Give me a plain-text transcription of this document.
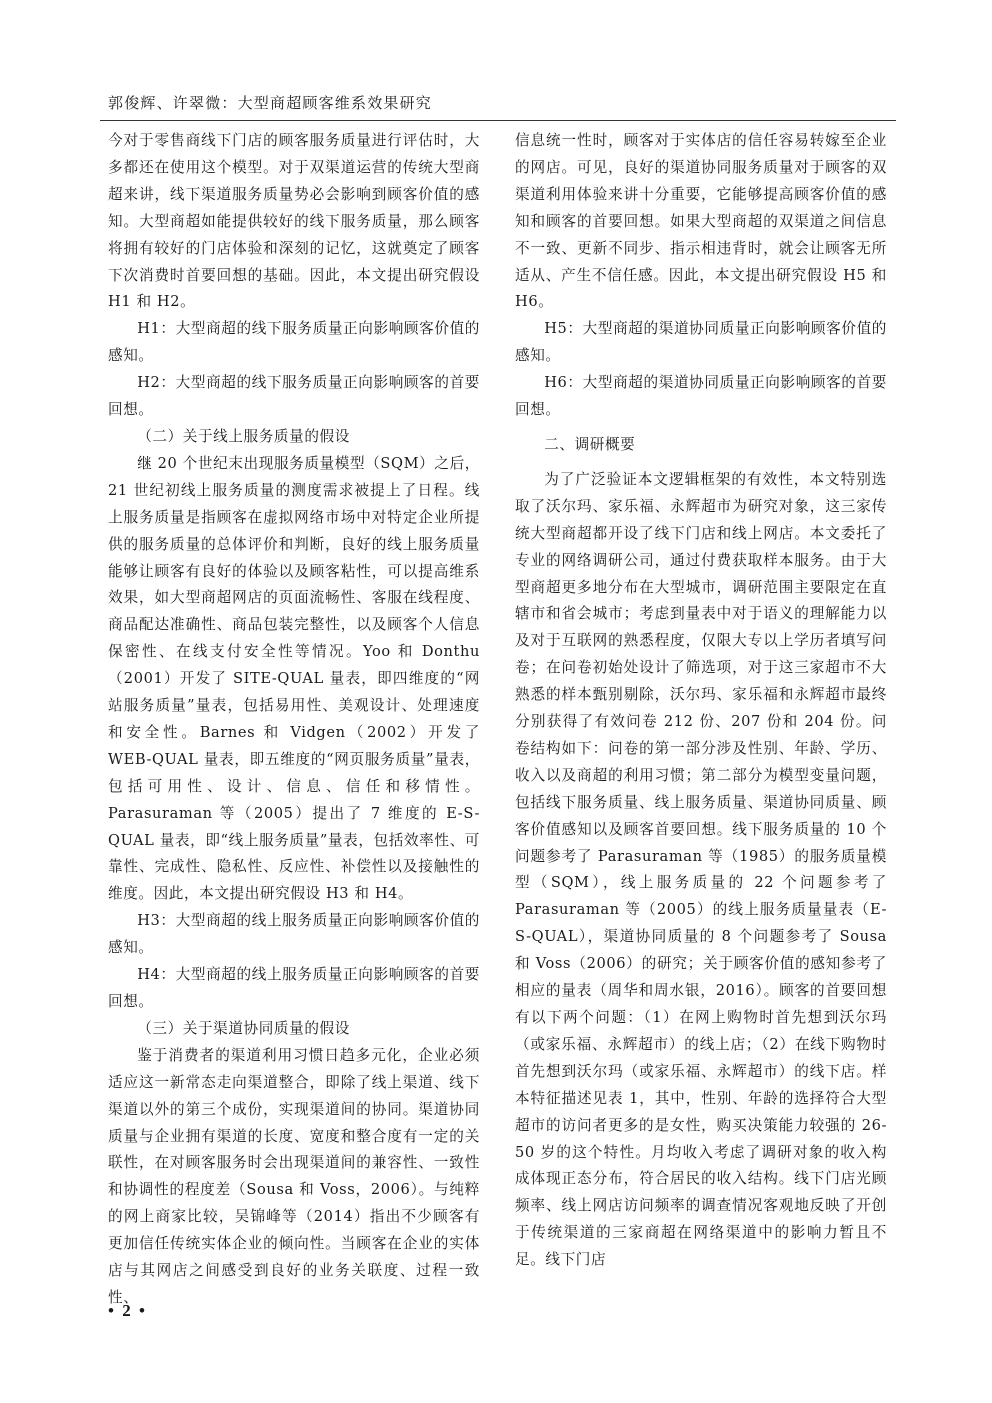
郭俊辉、许翠微：大型商超顾客维系效果研究

今对于零售商线下门店的顾客服务质量进行评估时，大多都还在使用这个模型。对于双渠道运营的传统大型商超来讲，线下渠道服务质量势必会影响到顾客价值的感知。大型商超如能提供较好的线下服务质量，那么顾客将拥有较好的门店体验和深刻的记忆，这就奠定了顾客下次消费时首要回想的基础。因此，本文提出研究假设 H1 和 H2。

H1：大型商超的线下服务质量正向影响顾客价值的感知。

H2：大型商超的线下服务质量正向影响顾客的首要回想。

（二）关于线上服务质量的假设

继 20 个世纪末出现服务质量模型（SQM）之后，21 世纪初线上服务质量的测度需求被提上了日程。线上服务质量是指顾客在虚拟网络市场中对特定企业所提供的服务质量的总体评价和判断，良好的线上服务质量能够让顾客有良好的体验以及顾客粘性，可以提高维系效果，如大型商超网店的页面流畅性、客服在线程度、商品配达准确性、商品包装完整性，以及顾客个人信息保密性、在线支付安全性等情况。Yoo 和 Donthu（2001）开发了 SITE-QUAL 量表，即四维度的“网站服务质量”量表，包括易用性、美观设计、处理速度和安全性。Barnes 和 Vidgen（2002）开发了 WEB-QUAL 量表，即五维度的“网页服务质量”量表，包括可用性、设计、信息、信任和移情性。Parasuraman 等（2005）提出了 7 维度的 E-S-QUAL 量表，即“线上服务质量”量表，包括效率性、可靠性、完成性、隐私性、反应性、补偿性以及接触性的维度。因此，本文提出研究假设 H3 和 H4。

H3：大型商超的线上服务质量正向影响顾客价值的感知。

H4：大型商超的线上服务质量正向影响顾客的首要回想。

（三）关于渠道协同质量的假设

鉴于消费者的渠道利用习惯日趋多元化，企业必须适应这一新常态走向渠道整合，即除了线上渠道、线下渠道以外的第三个成份，实现渠道间的协同。渠道协同质量与企业拥有渠道的长度、宽度和整合度有一定的关联性，在对顾客服务时会出现渠道间的兼容性、一致性和协调性的程度差（Sousa 和 Voss，2006）。与纯粹的网上商家比较，吴锦峰等（2014）指出不少顾客有更加信任传统实体企业的倾向性。当顾客在企业的实体店与其网店之间感受到良好的业务关联度、过程一致性、

信息统一性时，顾客对于实体店的信任容易转嫁至企业的网店。可见，良好的渠道协同服务质量对于顾客的双渠道利用体验来讲十分重要，它能够提高顾客价值的感知和顾客的首要回想。如果大型商超的双渠道之间信息不一致、更新不同步、指示相违背时，就会让顾客无所适从、产生不信任感。因此，本文提出研究假设 H5 和 H6。

H5：大型商超的渠道协同质量正向影响顾客价值的感知。

H6：大型商超的渠道协同质量正向影响顾客的首要回想。

二、调研概要

为了广泛验证本文逻辑框架的有效性，本文特别选取了沃尔玛、家乐福、永辉超市为研究对象，这三家传统大型商超都开设了线下门店和线上网店。本文委托了专业的网络调研公司，通过付费获取样本服务。由于大型商超更多地分布在大型城市，调研范围主要限定在直辖市和省会城市；考虑到量表中对于语义的理解能力以及对于互联网的熟悉程度，仅限大专以上学历者填写问卷；在问卷初始处设计了筛选项，对于这三家超市不大熟悉的样本甄别剔除，沃尔玛、家乐福和永辉超市最终分别获得了有效问卷 212 份、207 份和 204 份。问卷结构如下：问卷的第一部分涉及性别、年龄、学历、收入以及商超的利用习惯；第二部分为模型变量问题，包括线下服务质量、线上服务质量、渠道协同质量、顾客价值感知以及顾客首要回想。线下服务质量的 10 个问题参考了 Parasuraman 等（1985）的服务质量模型（SQM），线上服务质量的 22 个问题参考了 Parasuraman 等（2005）的线上服务质量量表（E-S-QUAL），渠道协同质量的 8 个问题参考了 Sousa 和 Voss（2006）的研究；关于顾客价值的感知参考了相应的量表（周华和周水银，2016）。顾客的首要回想有以下两个问题：（1）在网上购物时首先想到沃尔玛（或家乐福、永辉超市）的线上店；（2）在线下购物时首先想到沃尔玛（或家乐福、永辉超市）的线下店。样本特征描述见表 1，其中，性别、年龄的选择符合大型超市的访问者更多的是女性，购买决策能力较强的 26-50 岁的这个特性。月均收入考虑了调研对象的收入构成体现正态分布，符合居民的收入结构。线下门店光顾频率、线上网店访问频率的调查情况客观地反映了开创于传统渠道的三家商超在网络渠道中的影响力暂且不足。线下门店

• 2 •
